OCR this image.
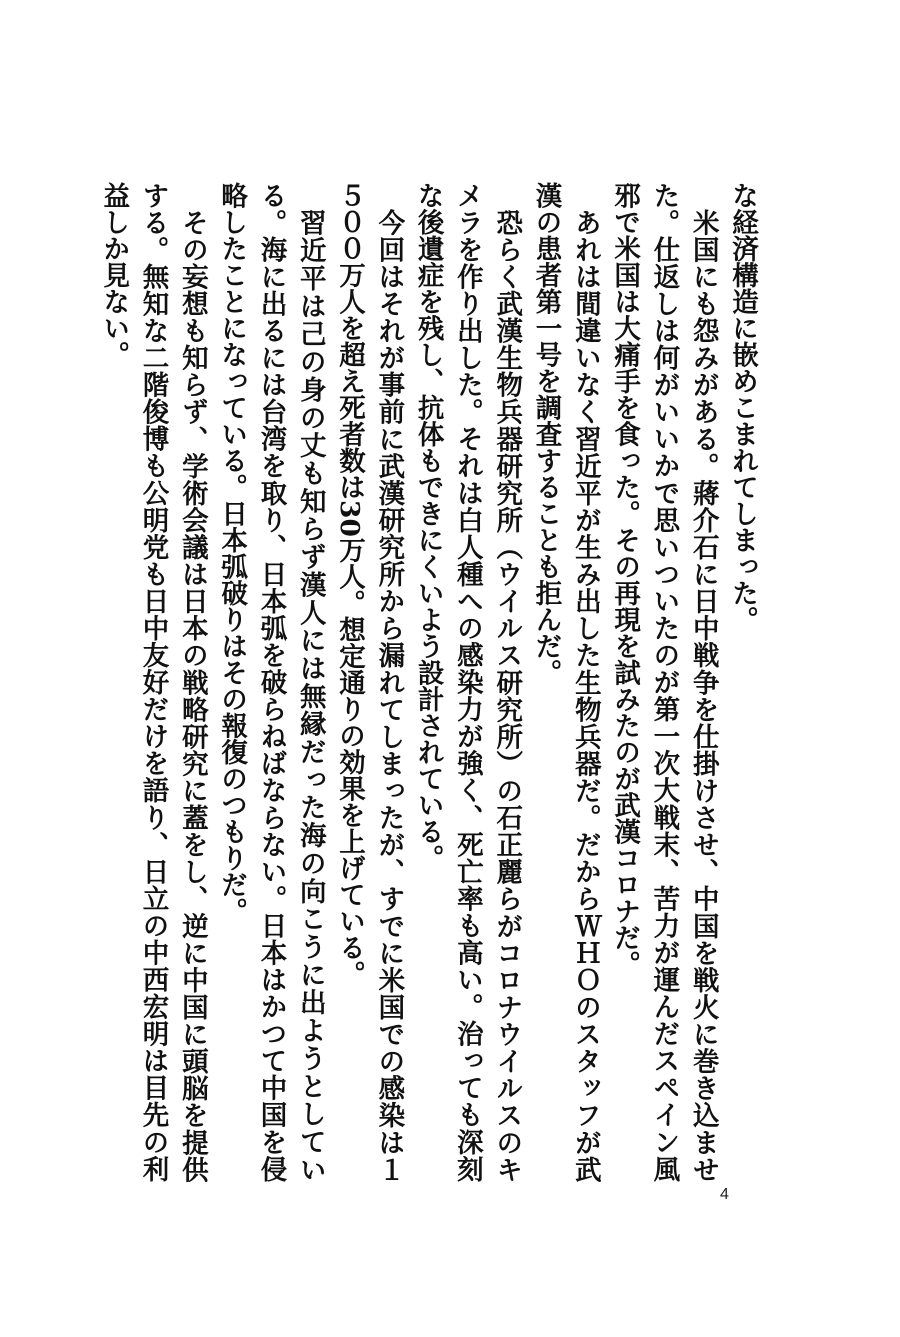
な経済構造に嵌めこまれてしまった。

米国にも怨みがある。蔣介石に日中戦争を仕掛けさせ、中国を戦火に巻き込ませた。仕返しは何がいいかで思いついたのが第一次大戦末、苦力が運んだスペイン風邪で米国は大痛手を食った。その再現を試みたのが武漢コロナだ。

あれは間違いなく習近平が生み出した生物兵器だ。だからＷＨＯのスタッフが武漢の患者第一号を調査することも拒んだ。

恐らく武漢生物兵器研究所（ウイルス研究所）の石正麗らがコロナウイルスのキメラを作り出した。それは白人種への感染力が強く、死亡率も高い。治っても深刻な後遺症を残し、抗体もできにくいよう設計されている。

今回はそれが事前に武漢研究所から漏れてしまったが、すでに米国での感染は１５００万人を超え死者数は30万人。想定通りの効果を上げている。

習近平は己の身の丈も知らず漢人には無縁だった海の向こうに出ようとしている。海に出るには台湾を取り、日本弧を破らねばならない。日本はかつて中国を侵略したことになっている。日本弧破りはその報復のつもりだ。

その妄想も知らず、学術会議は日本の戦略研究に蓋をし、逆に中国に頭脳を提供する。無知な二階俊博も公明党も日中友好だけを語り、日立の中西宏明は目先の利益しか見ない。

4
